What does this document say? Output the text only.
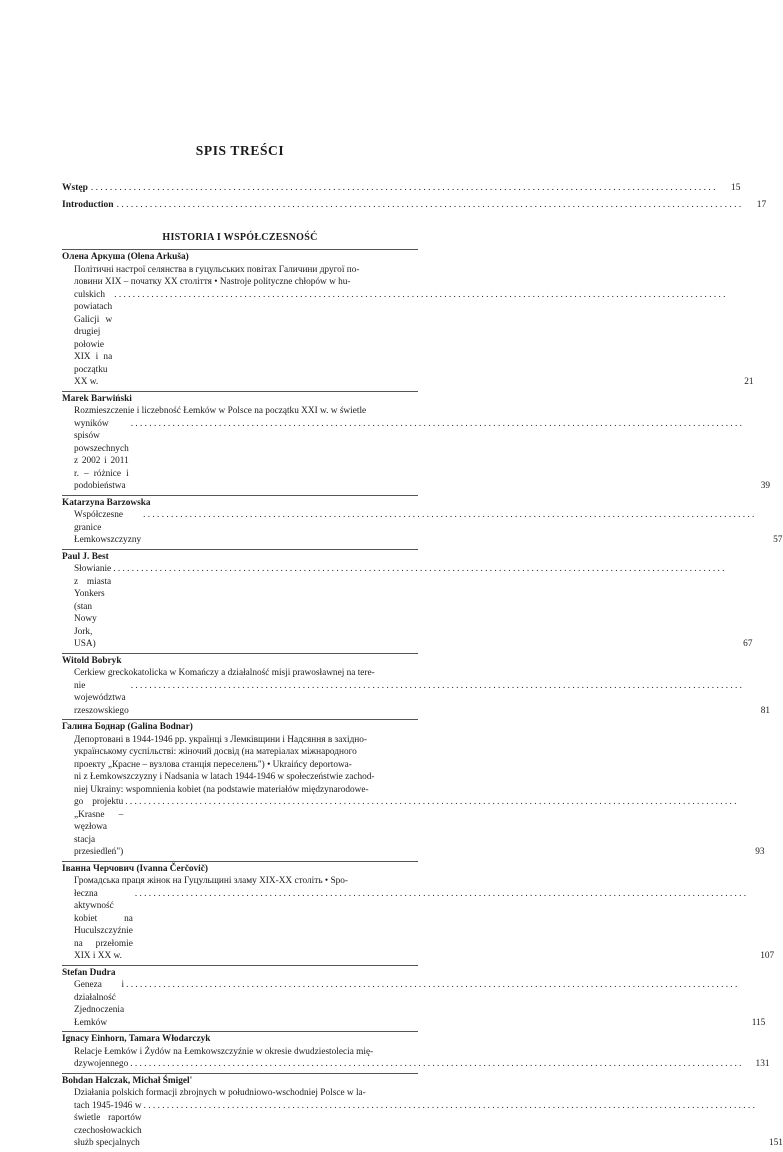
SPIS TREŚCI
Wstęp . . .	15
Introduction . . .	17
HISTORIA I WSPÓŁCZESNOŚĆ
Олена Аркуша (Olena Arkuša)
Політичні настрої селянства в гуцульських повітах Галичини другої по-
ловини XIX – початку XX століття • Nastroje polityczne chłopów w hu-
culskich powiatach Galicji w drugiej połowie XIX i na początku XX w.
. . .	21
Marek Barwiński
Rozmieszczenie i liczebność Łemków w Polsce na początku XXI w. w świetle
wyników spisów powszechnych z 2002 i 2011 r. – różnice i podobieństwa
. . .	39
Katarzyna Barzowska
Współczesne granice Łemkowszczyzny
. . .	57
Paul J. Best
Słowianie z miasta Yonkers (stan Nowy Jork, USA)
. . .	67
Witold Bobryk
Cerkiew greckokatolicka w Komańczy a działalność misji prawosławnej na tere-
nie województwa rzeszowskiego
. . .	81
Галина Боднар (Galina Bodnar)
Депортовані в 1944-1946 рр. українці з Лемківщини і Надсяння в західно-
українському суспільстві: жіночий досвід (на матеріалах міжнародного
проекту „Красне – вузлова станція переселень") • Ukraińcy deportowa-
ni z Łemkowszczyzny i Nadsania w latach 1944-1946 w społeczeństwie zachod-
niej Ukrainy: wspomnienia kobiet (na podstawie materiałów międzynarodowe-
go projektu „Krasne – węzłowa stacja przesiedleń")
. . .	93
Іванна Черчович (Ivanna Čerčovič)
Громадська праця жінок на Гуцульщині зламу XIX-XX століть • Spo-
łeczna aktywność kobiet na Huculszczyźnie na przełomie XIX i XX w.
. . .	107
Stefan Dudra
Geneza i działalność Zjednoczenia Łemków
. . .	115
Ignacy Einhorn, Tamara Włodarczyk
Relacje Łemków i Żydów na Łemkowszczyźnie w okresie dwudziestolecia mię-
dzywojennego . . .	131
Bohdan Halczak, Michał Śmigel'
Działania polskich formacji zbrojnych w południowo-wschodniej Polsce w la-
tach 1945-1946 w świetle raportów czechosłowackich służb specjalnych
. . .	151
